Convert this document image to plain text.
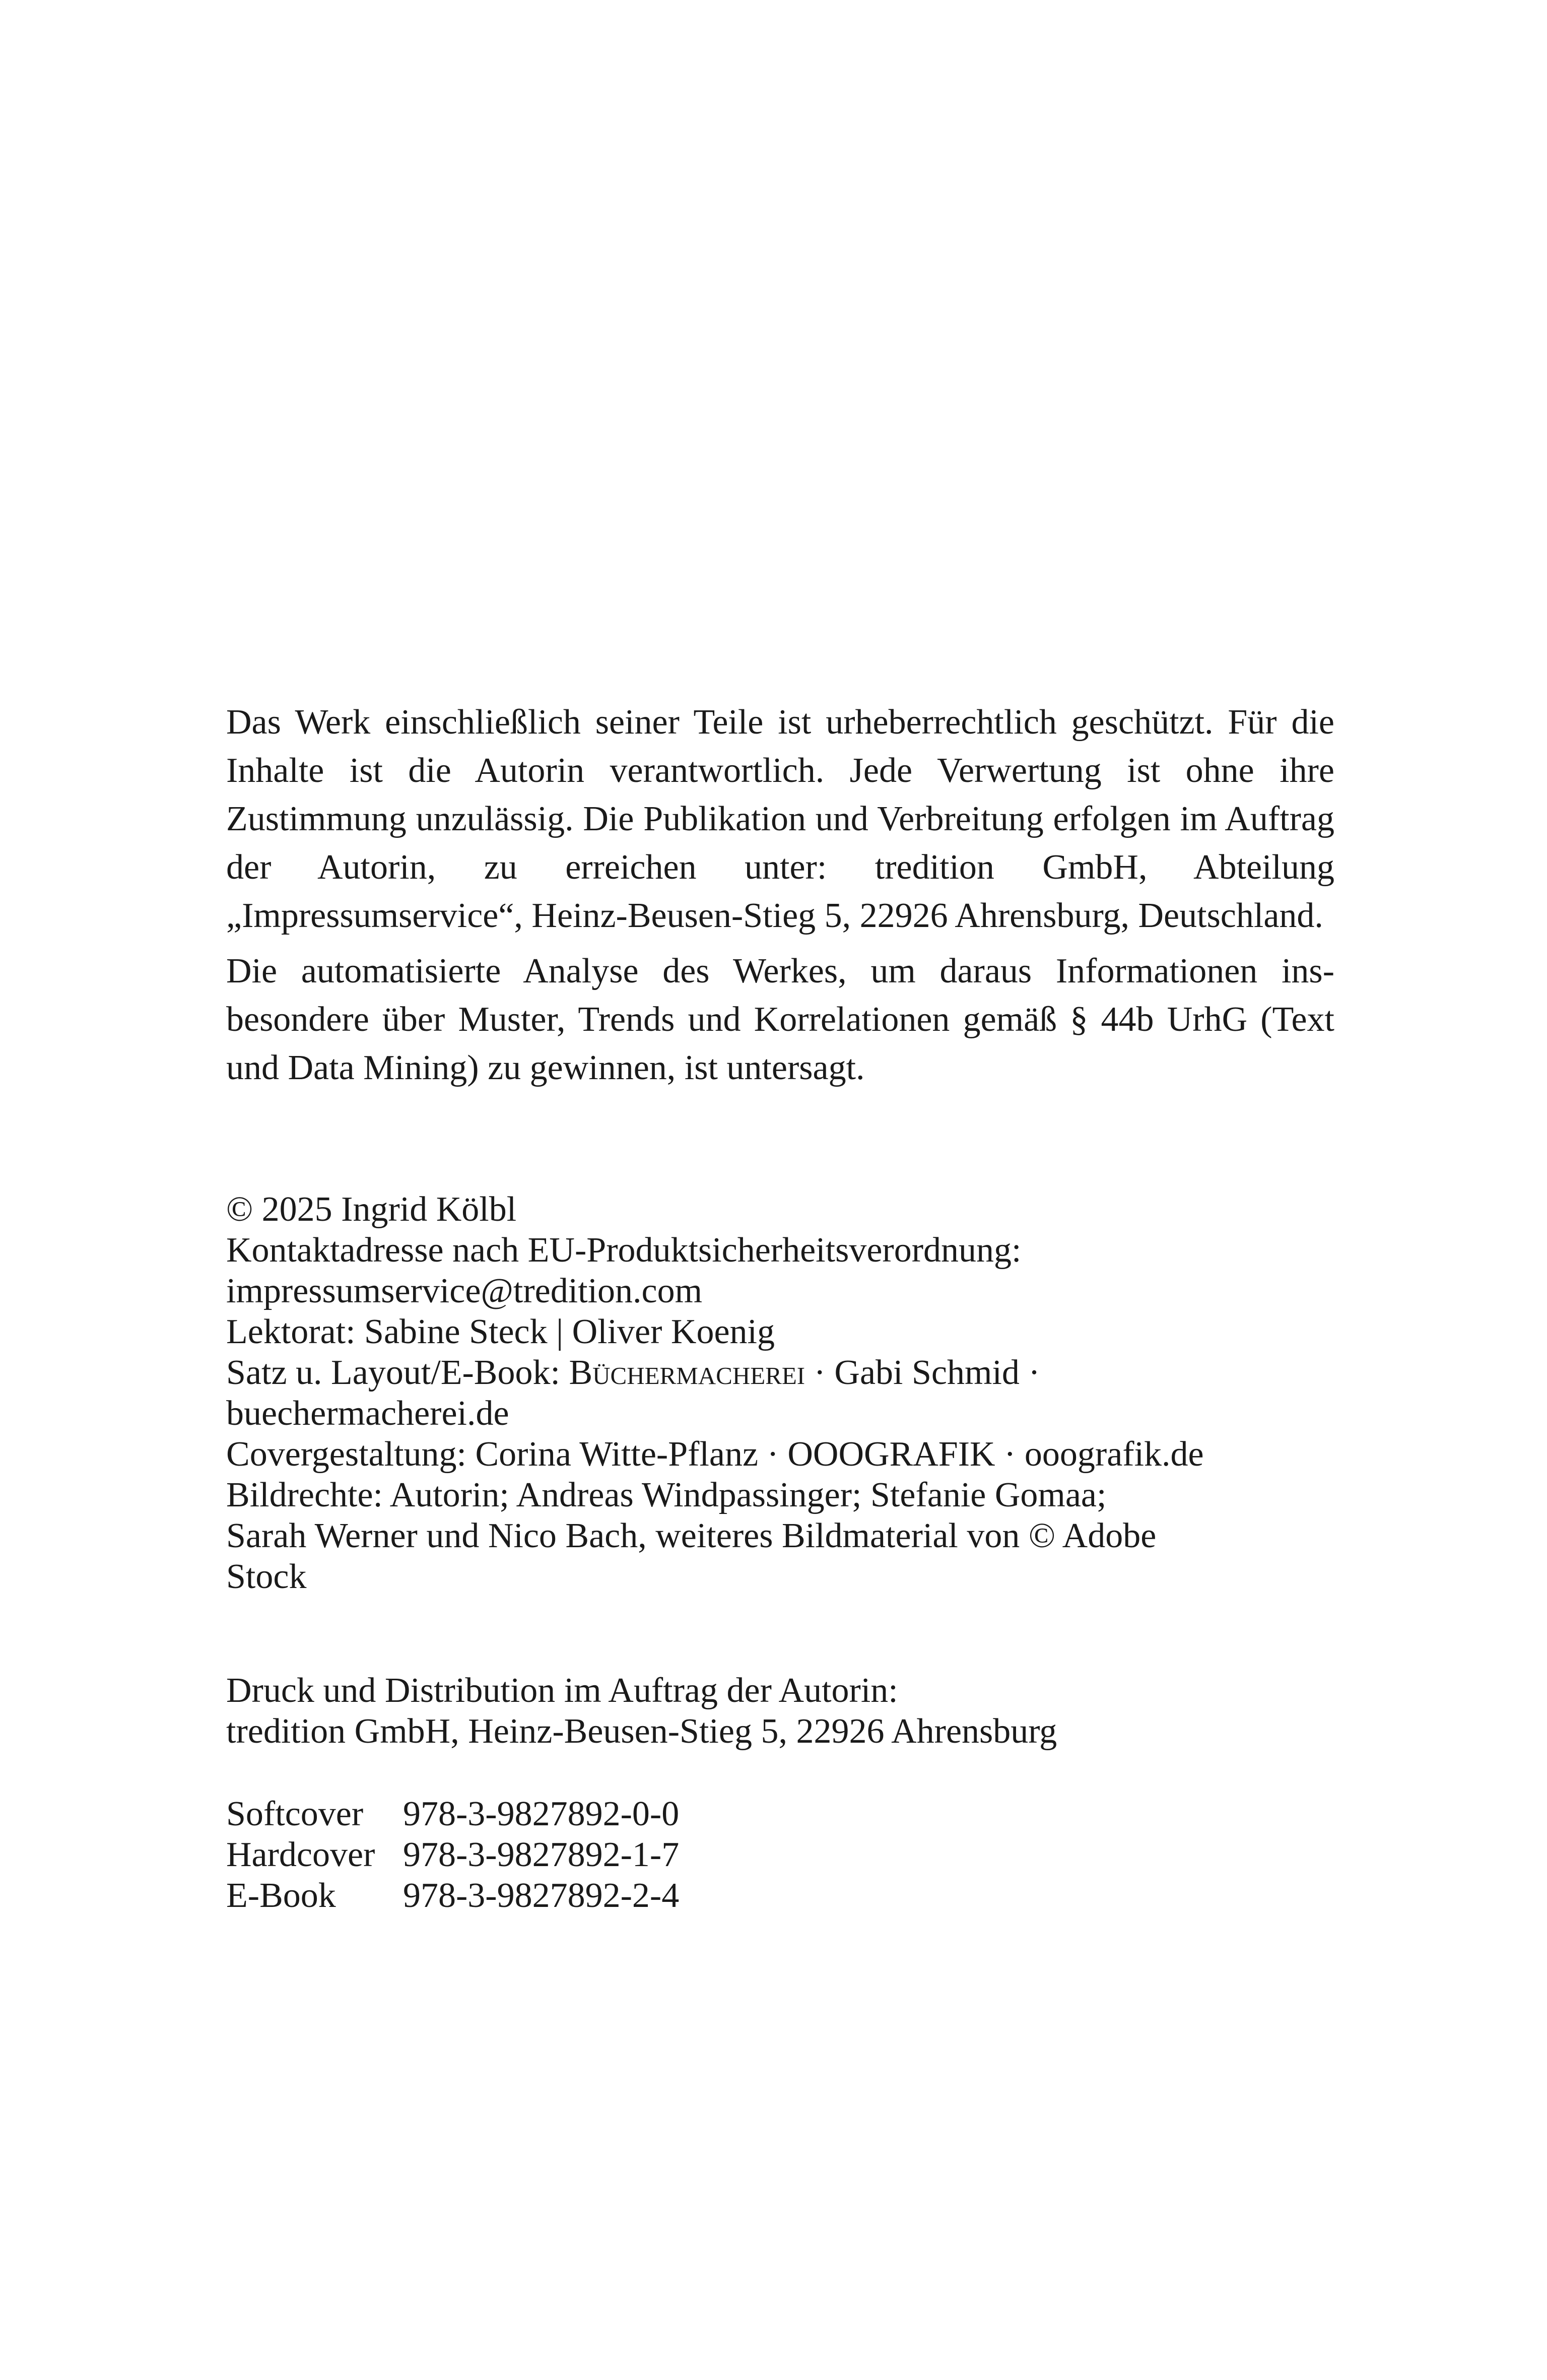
Das Werk einschließlich seiner Teile ist urheberrechtlich geschützt. Für die Inhalte ist die Autorin verantwortlich. Jede Verwertung ist ohne ihre Zustimmung unzulässig. Die Publikation und Verbreitung erfolgen im Auftrag der Autorin, zu erreichen unter: tredition GmbH, Abteilung „Impressumservice“, Heinz-Beusen-Stieg 5, 22926 Ahrensburg, Deutschland.

Die automatisierte Analyse des Werkes, um daraus Informationen insbesondere über Muster, Trends und Korrelationen gemäß § 44b UrhG (Text und Data Mining) zu gewinnen, ist untersagt.

© 2025 Ingrid Kölbl
Kontaktadresse nach EU-Produktsicherheitsverordnung:
impressumservice@tredition.com
Lektorat: Sabine Steck | Oliver Koenig
Satz u. Layout/E-Book: Büchermacherei · Gabi Schmid ·
buechermacherei.de
Covergestaltung: Corina Witte-Pflanz · OOOGRAFIK · ooografik.de
Bildrechte: Autorin; Andreas Windpassinger; Stefanie Gomaa;
Sarah Werner und Nico Bach, weiteres Bildmaterial von © Adobe
Stock
Druck und Distribution im Auftrag der Autorin:
tredition GmbH, Heinz-Beusen-Stieg 5, 22926 Ahrensburg
Softcover	978-3-9827892-0-0
Hardcover 978-3-9827892-1-7
E-Book	978-3-9827892-2-4
